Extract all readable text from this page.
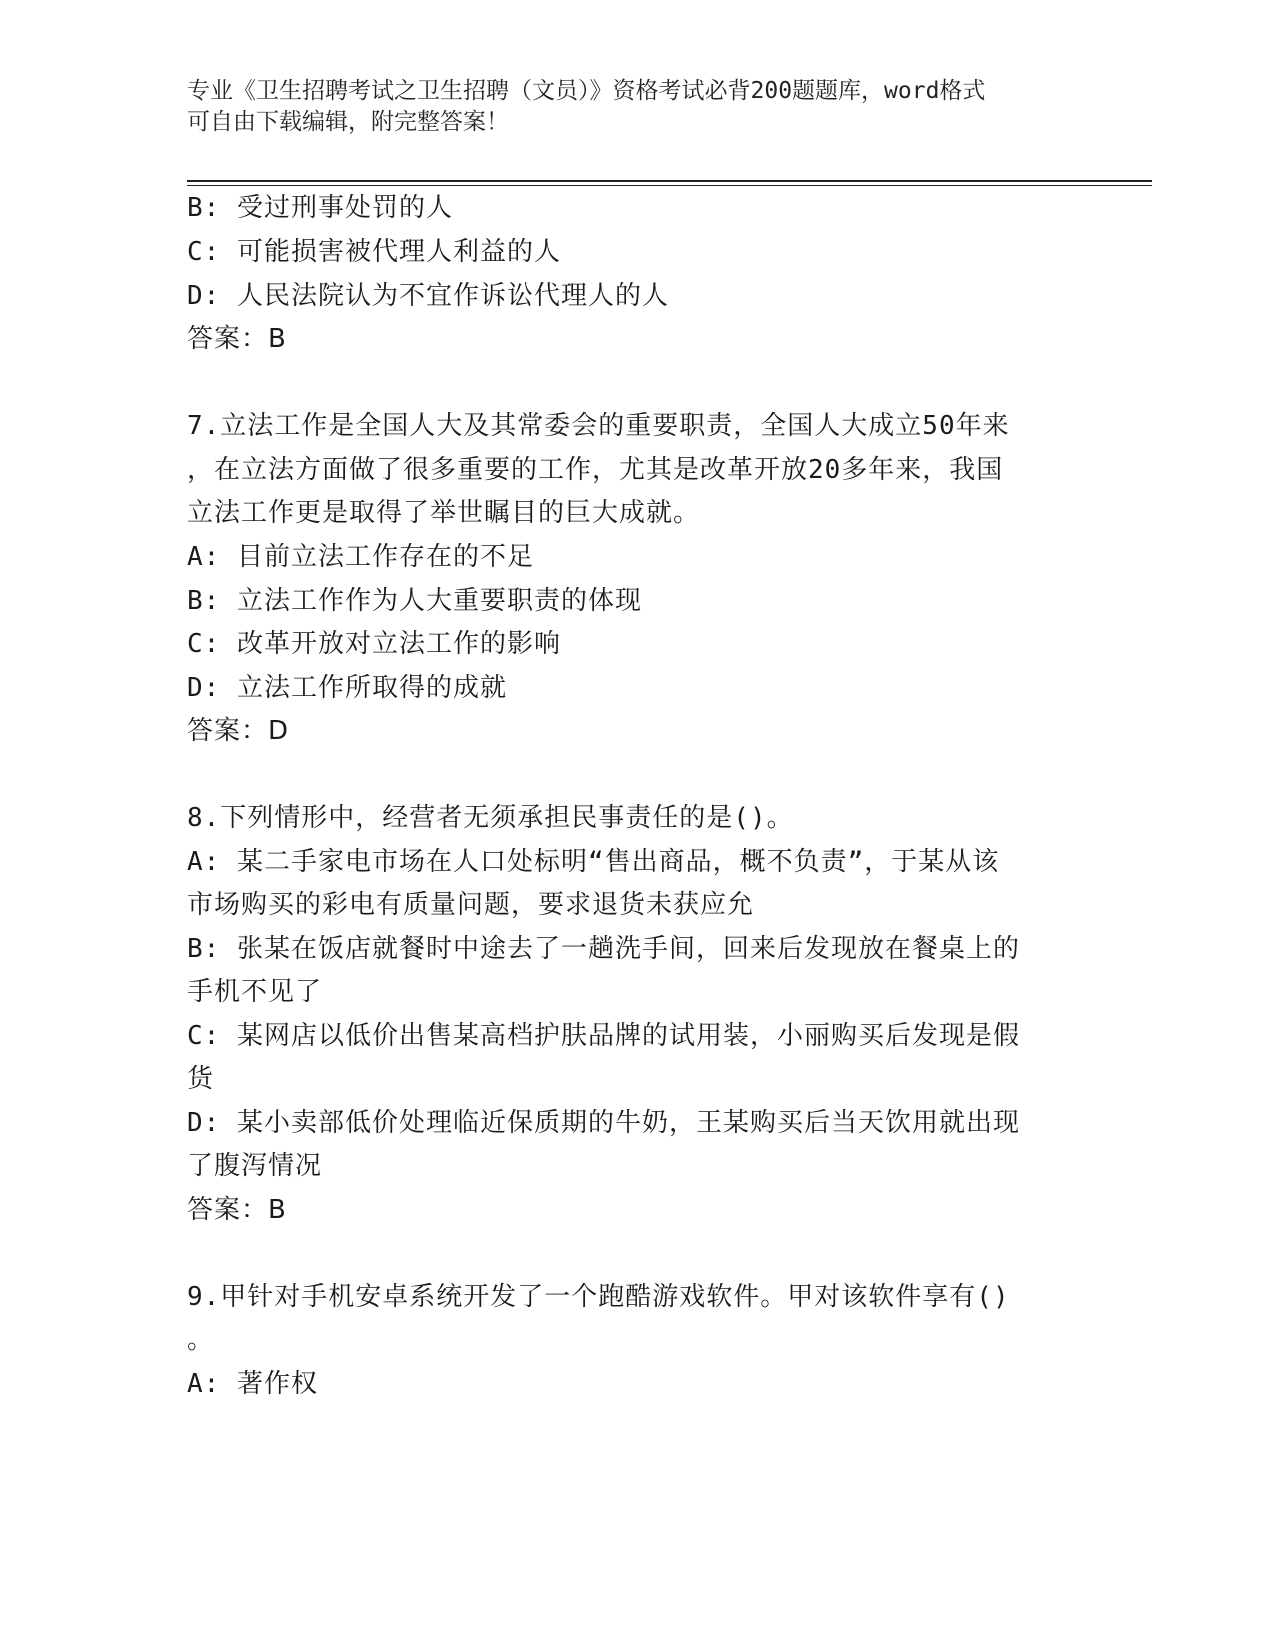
专业《卫生招聘考试之卫生招聘（文员）》资格考试必背200题题库，word格式
可自由下载编辑，附完整答案！
B: 受过刑事处罚的人
C: 可能损害被代理人利益的人
D: 人民法院认为不宜作诉讼代理人的人
答案：B
7.立法工作是全国人大及其常委会的重要职责，全国人大成立50年来
，在立法方面做了很多重要的工作，尤其是改革开放20多年来，我国
立法工作更是取得了举世瞩目的巨大成就。
A: 目前立法工作存在的不足
B: 立法工作作为人大重要职责的体现
C: 改革开放对立法工作的影响
D: 立法工作所取得的成就
答案：D
8.下列情形中，经营者无须承担民事责任的是()。
A: 某二手家电市场在人口处标明“售出商品，概不负责”，于某从该
市场购买的彩电有质量问题，要求退货未获应允
B: 张某在饭店就餐时中途去了一趟洗手间，回来后发现放在餐桌上的
手机不见了
C: 某网店以低价出售某高档护肤品牌的试用装，小丽购买后发现是假
货
D: 某小卖部低价处理临近保质期的牛奶，王某购买后当天饮用就出现
了腹泻情况
答案：B
9.甲针对手机安卓系统开发了一个跑酷游戏软件。甲对该软件享有()
。
A: 著作权
